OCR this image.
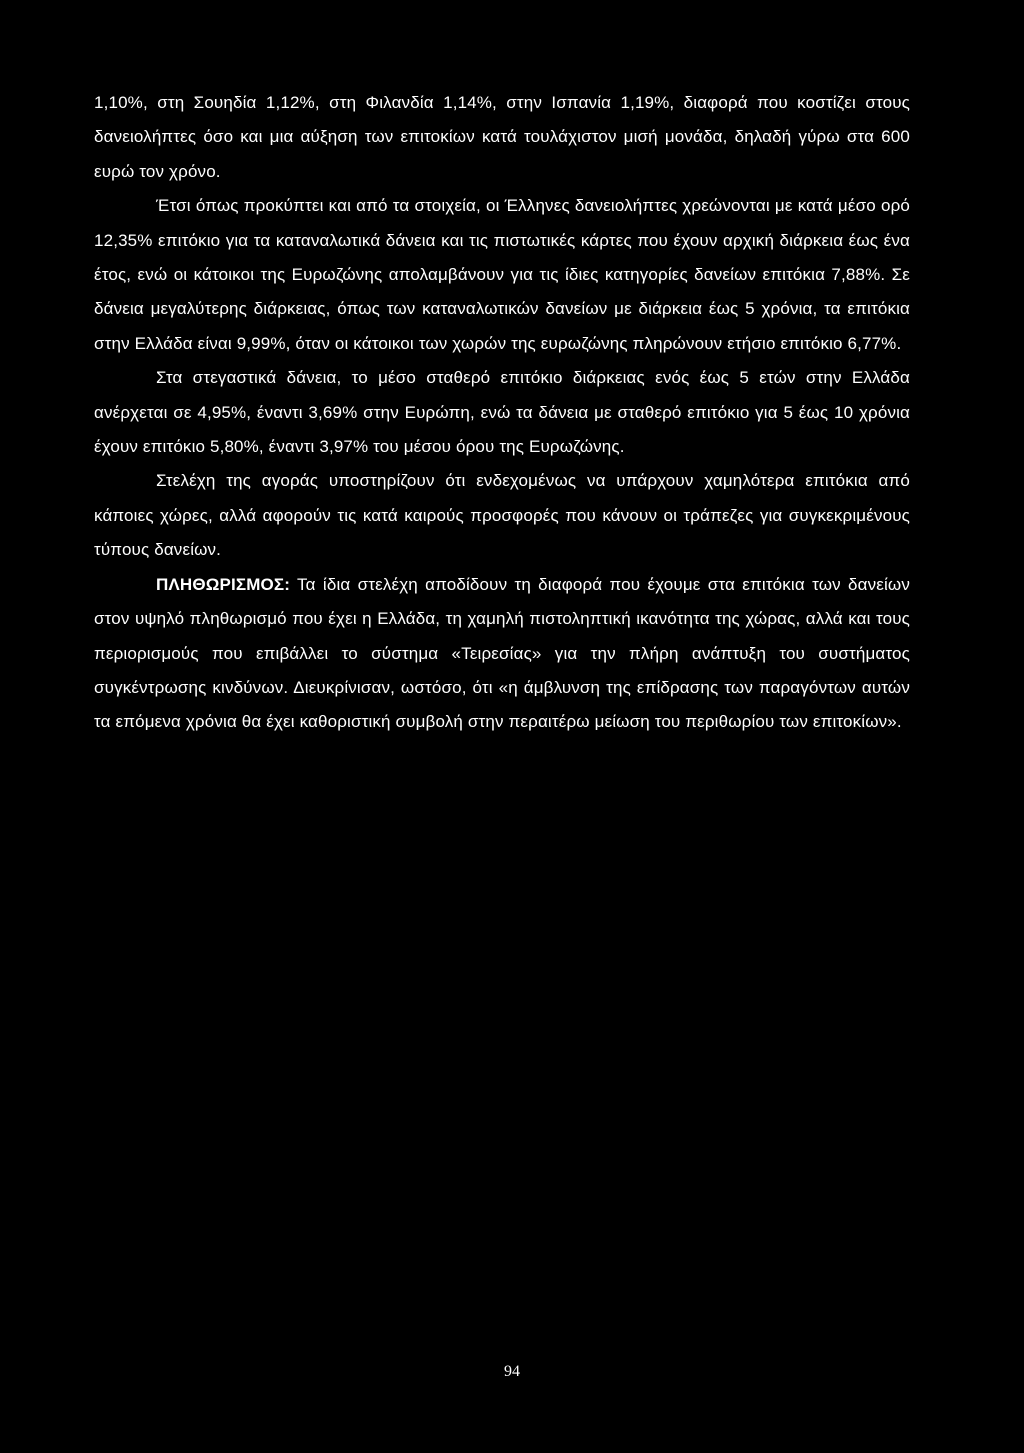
1,10%, στη Σουηδία 1,12%, στη Φιλανδία 1,14%, στην Ισπανία 1,19%, διαφορά που κοστίζει στους δανειολήπτες όσο και μια αύξηση των επιτοκίων κατά τουλάχιστον μισή μονάδα, δηλαδή γύρω στα 600 ευρώ τον χρόνο.

Έτσι όπως προκύπτει και από τα στοιχεία, οι Έλληνες δανειολήπτες χρεώνονται με κατά μέσο ορό 12,35% επιτόκιο για τα καταναλωτικά δάνεια και τις πιστωτικές κάρτες που έχουν αρχική διάρκεια έως ένα έτος, ενώ οι κάτοικοι της Ευρωζώνης απολαμβάνουν για τις ίδιες κατηγορίες δανείων επιτόκια 7,88%. Σε δάνεια μεγαλύτερης διάρκειας, όπως των καταναλωτικών δανείων με διάρκεια έως 5 χρόνια, τα επιτόκια στην Ελλάδα είναι 9,99%, όταν οι κάτοικοι των χωρών της ευρωζώνης πληρώνουν ετήσιο επιτόκιο 6,77%.

Στα στεγαστικά δάνεια, το μέσο σταθερό επιτόκιο διάρκειας ενός έως 5 ετών στην Ελλάδα ανέρχεται σε 4,95%, έναντι 3,69% στην Ευρώπη, ενώ τα δάνεια με σταθερό επιτόκιο για 5 έως 10 χρόνια έχουν επιτόκιο 5,80%, έναντι 3,97% του μέσου όρου της Ευρωζώνης.

Στελέχη της αγοράς υποστηρίζουν ότι ενδεχομένως να υπάρχουν χαμηλότερα επιτόκια από κάποιες χώρες, αλλά αφορούν τις κατά καιρούς προσφορές που κάνουν οι τράπεζες για συγκεκριμένους τύπους δανείων.

ΠΛΗΘΩΡΙΣΜΟΣ: Τα ίδια στελέχη αποδίδουν τη διαφορά που έχουμε στα επιτόκια των δανείων στον υψηλό πληθωρισμό που έχει η Ελλάδα, τη χαμηλή πιστοληπτική ικανότητα της χώρας, αλλά και τους περιορισμούς που επιβάλλει το σύστημα «Τειρεσίας» για την πλήρη ανάπτυξη του συστήματος συγκέντρωσης κινδύνων. Διευκρίνισαν, ωστόσο, ότι «η άμβλυνση της επίδρασης των παραγόντων αυτών τα επόμενα χρόνια θα έχει καθοριστική συμβολή στην περαιτέρω μείωση του περιθωρίου των επιτοκίων».

94
